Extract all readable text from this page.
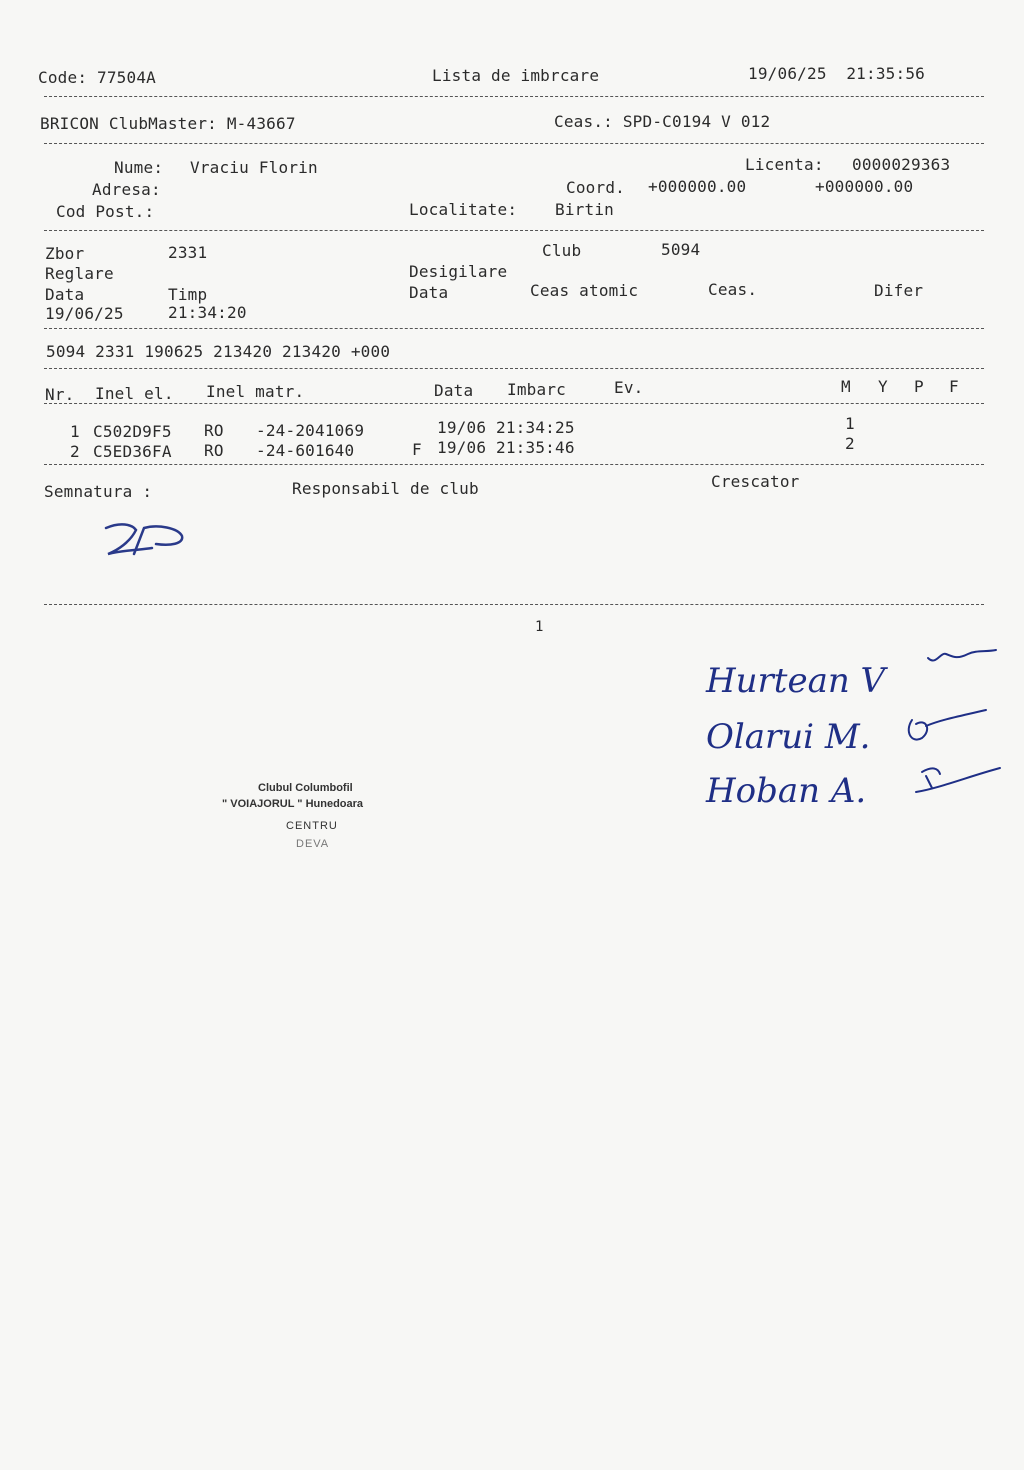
Code: 77504A	Lista de imbrcare	19/06/25  21:35:56
BRICON ClubMaster: M-43667	Ceas.: SPD-C0194 V 012
Nume: Vraciu Florin	Licenta: 0000029363
Adresa:	Coord. +000000.00	+000000.00
Cod Post.:	Localitate: Birtin
Zbor	2331	Club	5094
Reglare	Desigilare
Data	Timp	Data	Ceas atomic	Ceas.	Difer
19/06/25	21:34:20
5094 2331 190625 213420 213420 +000
Nr. Inel el. Inel matr.	Data Imbarc	Ev.	M Y P F
1 C502D9F5 RO -24-2041069	19/06 21:34:25	1
2 C5ED36FA RO -24-601640	F 19/06 21:35:46	2
Semnatura :	Responsabil de club	Crescator
1
Hurtean V
Olarui M.
Hoban A.
Clubul Columbofil
" VOIAJORUL " Hunedoara
CENTRU
DEVA
